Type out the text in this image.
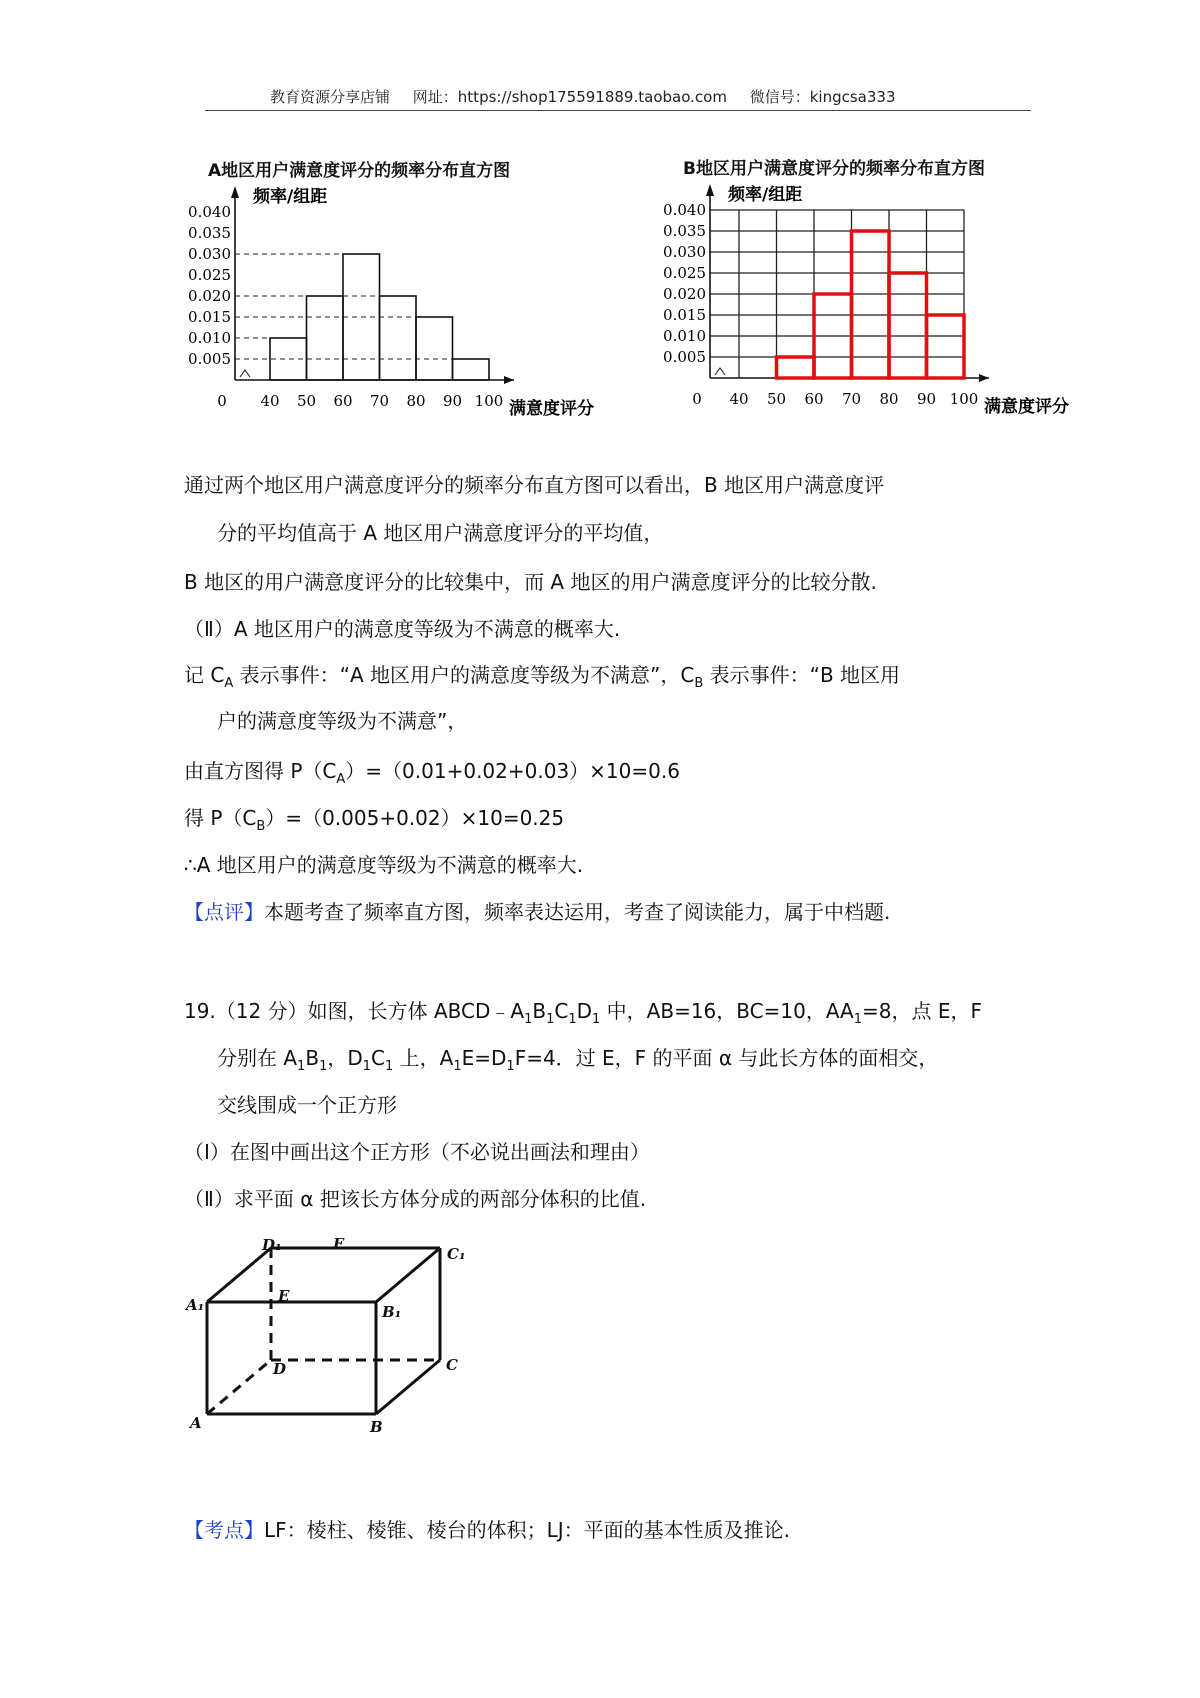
教育资源分享店铺 网址：https://shop175591889.taobao.com 微信号：kingcsa333
A地区用户满意度评分的频率分布直方图	B地区用户满意度评分的频率分布直方图
0.005
0.010
0.015
0.020
0.025
0.030
0.035
0.040
0 40 50 60 70 80 90 100
频率/组距
满意度评分
0.005
0.010
0.015
0.020
0.025
0.030
0.035
0.040
0 40 50 60 70 80 90 100
频率/组距
满意度评分
通过两个地区用户满意度评分的频率分布直方图可以看出，B 地区用户满意度评
分的平均值高于 A 地区用户满意度评分的平均值，
B 地区的用户满意度评分的比较集中，而 A 地区的用户满意度评分的比较分散.
（Ⅱ）A 地区用户的满意度等级为不满意的概率大.
记 $C_A$ 表示事件：“A 地区用户的满意度等级为不满意”，$C_B$ 表示事件：“B 地区用
户的满意度等级为不满意”，
由直方图得 $P(C_A)=(0.01+0.02+0.03)\times 10=0.6$
得 $P(C_B)=(0.005+0.02)\times 10=0.25$
∴A 地区用户的满意度等级为不满意的概率大.
【点评】本题考查了频率直方图，频率表达运用，考查了阅读能力，属于中档题.
19.（12 分）如图，长方体 $ABCD﹣A_1B_1C_1D_1$ 中，AB=16，BC=10，$AA_1=8$，点 E，F
分别在 $A_1B_1$，$D_1C_1$ 上，$A_1E=D_1F=4$．过 E，F 的平面 α 与此长方体的面相交，
交线围成一个正方形
（Ⅰ）在图中画出这个正方形（不必说出画法和理由）
（Ⅱ）求平面 α 把该长方体分成的两部分体积的比值.
D₁	F
C₁
A₁	E
B₁
D	C
A	B
【考点】LF：棱柱、棱锥、棱台的体积；LJ：平面的基本性质及推论.
